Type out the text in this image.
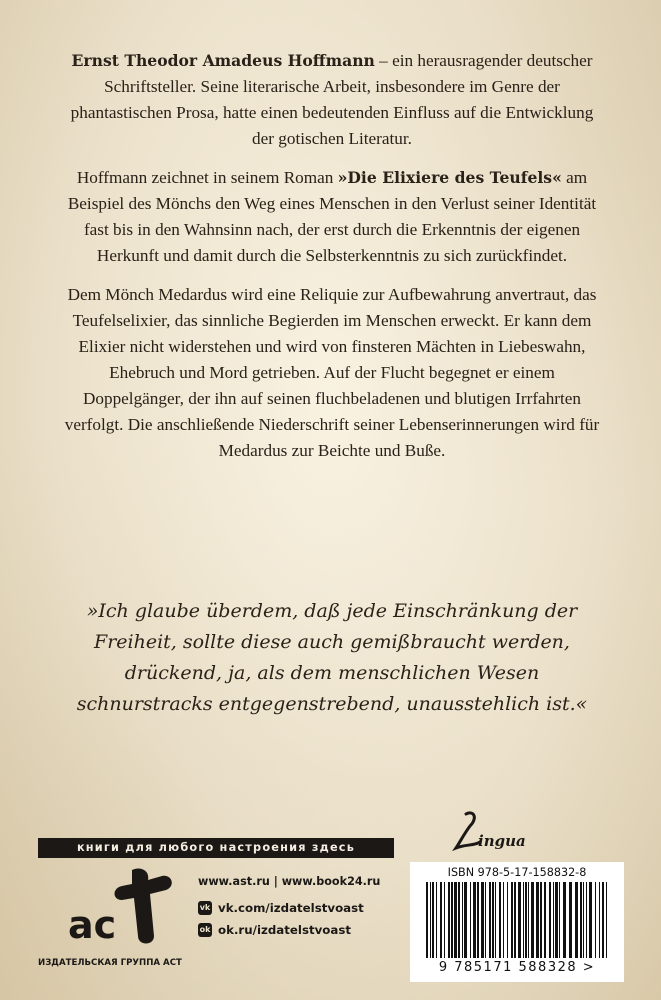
Ernst Theodor Amadeus Hoffmann – ein herausragender deutscher Schriftsteller. Seine literarische Arbeit, insbesondere im Genre der phantastischen Prosa, hatte einen bedeutenden Einfluss auf die Entwicklung der gotischen Literatur.

Hoffmann zeichnet in seinem Roman »Die Elixiere des Teufels« am Beispiel des Mönchs den Weg eines Menschen in den Verlust seiner Identität fast bis in den Wahnsinn nach, der erst durch die Erkenntnis der eigenen Herkunft und damit durch die Selbsterkenntnis zu sich zurückfindet.

Dem Mönch Medardus wird eine Reliquie zur Aufbewahrung anvertraut, das Teufelselixier, das sinnliche Begierden im Menschen erweckt. Er kann dem Elixier nicht widerstehen und wird von finsteren Mächten in Liebeswahn, Ehebruch und Mord getrieben. Auf der Flucht begegnet er einem Doppelgänger, der ihn auf seinen fluchbeladenen und blutigen Irrfahrten verfolgt. Die anschließende Niederschrift seiner Lebenserinnerungen wird für Medardus zur Beichte und Buße.

»Ich glaube überdem, daß jede Einschränkung der Freiheit, sollte diese auch gemißbraucht werden, drückend, ja, als dem menschlichen Wesen schnurstracks entgegenstrebend, unausstehlich ist.«
книги для любого настроения здесь	ingua
ac
ИЗДАТЕЛЬСКАЯ ГРУППА АСТ
www.ast.ru | www.book24.ru
vk vk.com/izdatelstvoast
ok ok.ru/izdatelstvoast
ISBN 978-5-17-158832-8
9 785171 588328 >
